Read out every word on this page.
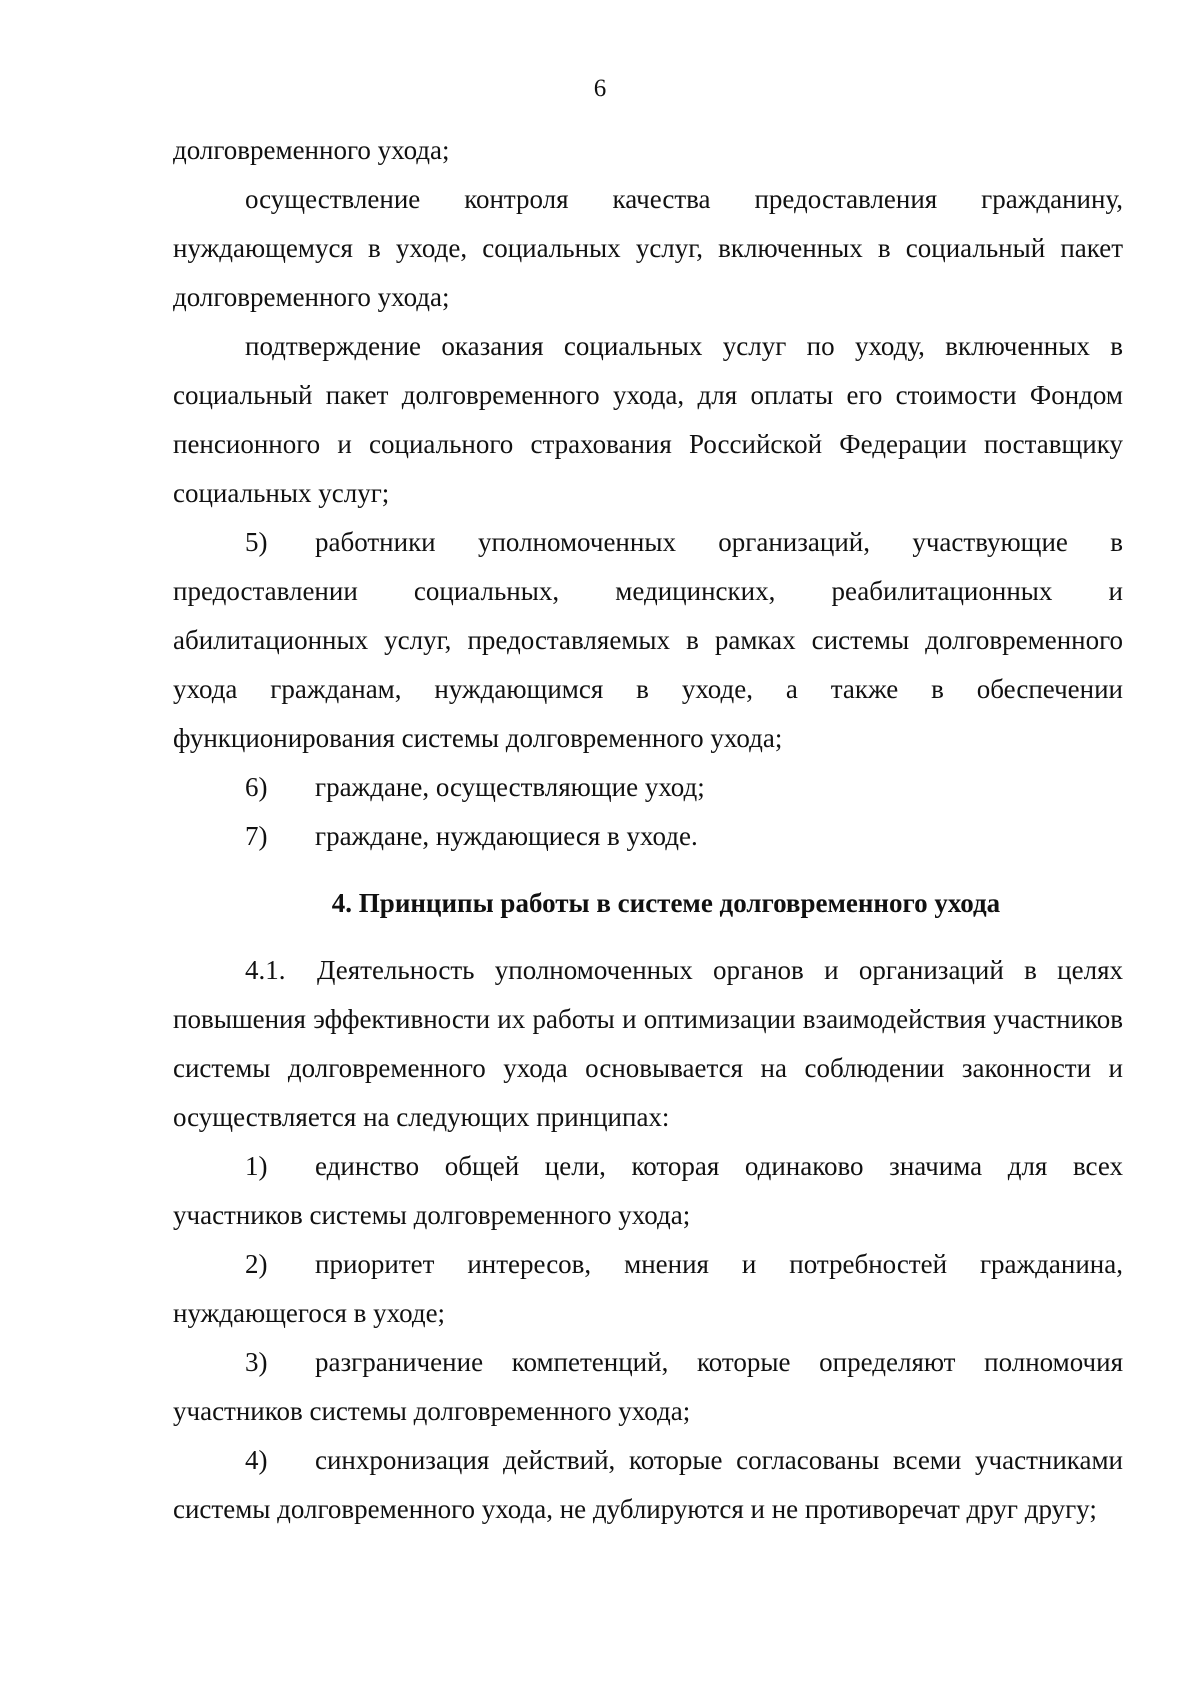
6

долговременного ухода;

осуществление контроля качества предоставления гражданину, нуждающемуся в уходе, социальных услуг, включенных в социальный пакет долговременного ухода;

подтверждение оказания социальных услуг по уходу, включенных в социальный пакет долговременного ухода, для оплаты его стоимости Фондом пенсионного и социального страхования Российской Федерации поставщику социальных услуг;

5) работники уполномоченных организаций, участвующие в предоставлении социальных, медицинских, реабилитационных и абилитационных услуг, предоставляемых в рамках системы долговременного ухода гражданам, нуждающимся в уходе, а также в обеспечении функционирования системы долговременного ухода;

6) граждане, осуществляющие уход;

7) граждане, нуждающиеся в уходе.

4. Принципы работы в системе долговременного ухода

4.1. Деятельность уполномоченных органов и организаций в целях повышения эффективности их работы и оптимизации взаимодействия участников системы долговременного ухода основывается на соблюдении законности и осуществляется на следующих принципах:

1) единство общей цели, которая одинаково значима для всех участников системы долговременного ухода;

2) приоритет интересов, мнения и потребностей гражданина, нуждающегося в уходе;

3) разграничение компетенций, которые определяют полномочия участников системы долговременного ухода;

4) синхронизация действий, которые согласованы всеми участниками системы долговременного ухода, не дублируются и не противоречат друг другу;
